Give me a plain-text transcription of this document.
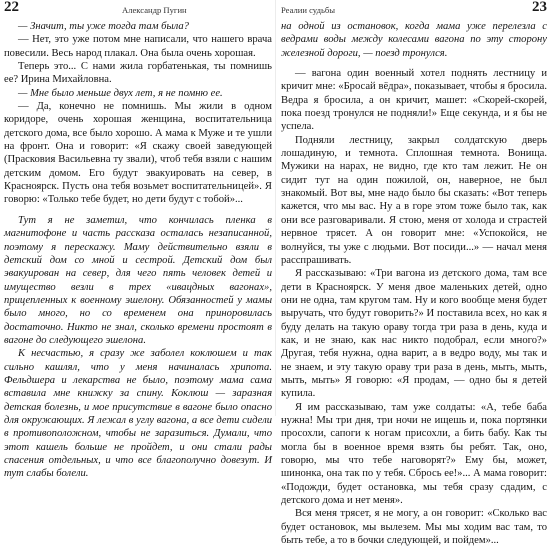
22	Александр Пугин

— Значит, ты уже тогда там была?

— Нет, это уже потом мне написали, что нашего врача повесили. Весь народ плакал. Она была очень хорошая.

Теперь это... С нами жила горбатенькая, ты помнишь ее? Ирина Михайловна.

— Мне было меньше двух лет, я не помню ее.

— Да, конечно не помнишь. Мы жили в одном коридоре, очень хорошая женщина, воспитательница детского дома, все было хорошо. А мама к Муже и те ушли на фронт. Она и говорит: «Я скажу своей заведующей (Прасковия Васильевна ту звали), чтоб тебя взяли с нашим детским домом. Его будут эвакуировать на север, в Красноярск. Пусть она тебя возьмет воспитательницей». Я говорю: «Только тебе будет, но дети будут с тобой»...

Тут я не заметил, что кончилась пленка в магнитофоне и часть рассказа осталась незаписанной, поэтому я перескажу. Маму действительно взяли в детский дом со мной и сестрой. Детский дом был эвакуирован на север, для чего пять человек детей и имущество везли в трех «ивацдных вагонах», прицепленных к военному эшелону. Обязанностей у мамы было много, но со временем она приноровилась достаточно. Никто не знал, сколько времени простоят в вагоне до следующего эшелона.

К несчастью, я сразу же заболел коклюшем и так сильно кашлял, что у меня начиналась хрипота. Фельдшера и лекарства не было, поэтому мама сама вставила мне книжку за спину. Коклюш — заразная детская болезнь, и мое присутствие в вагоне было опасно для окружающих. Я лежал в углу вагона, а все дети сидели в противоположном, чтобы не заразиться. Думали, что этот кашель больше не пройдет, и они стали рады спасения отдельных, и что все благополучно довезут. И тут слабы болели.

Реалии судьбы	23

на одной из остановок, когда мама уже перелезла с ведрами воды между колесами вагона по эту сторону железной дороги, — поезд тронулся.

— вагона один военный хотел поднять лестницу и кричит мне: «Бросай вёдра», показывает, чтобы я бросила. Ведра я бросила, а он кричит, машет: «Скорей-скорей, пока поезд тронулся не подняли!» Еще секунда, и я бы не успела.

Подняли лестницу, закрыл солдатскую дверь лошадиную, и темнота. Сплошная темнота. Вонища. Мужики на нарах, не видно, где кто там лежит. Не он сидит тут на один пожилой, он, наверное, не был знакомый. Вот вы, мне надо было бы сказать: «Вот теперь кажется, что мы вас. Ну а в горе этом тоже было так, как они все разговаривали. Я стою, меня от холода и страстей нервное трясет. А он говорит мне: «Успокойся, не волнуйся, ты уже с людьми. Вот посиди...» — начал меня расспрашивать.

Я рассказываю: «Три вагона из детского дома, там все дети в Красноярск. У меня двое маленьких детей, одно они не одна, там кругом там. Ну и кого вообще меня будет выручать, что будут говорить?» И поставила всех, но как я буду делать на такую ораву тогда три раза в день, куда и как, и не знаю, как нас никто подобрал, если много?» Другая, тебя нужна, одна варит, а в ведро воду, мы так и не знаем, и эту такую ораву три раза в день, мыть, мыть, мыть, мыть» Я говорю: «Я продам, — одно бы я детей купила.

Я им рассказываю, там уже солдаты: «А, тебе баба нужна! Мы три дня, три ночи не ищешь и, пока портянки просохли, сапоги к ногам присохли, а бить бабу. Как ты могла бы в военное время взять бы ребят. Так, оно, говорю, мы что тебе наговорят?» Ему бы, может, шинонка, она так по у тебя. Сбрось ее!»... А мама говорит: «Подожди, будет остановка, мы тебя сразу сдадим, с детского дома и нет меня».

Вся меня трясет, я не могу, а он говорит: «Сколько вас будет остановок, мы вылезем. Мы мы ходим вас там, то быть тебе, а то в бочки следующей, и пойдем»...
